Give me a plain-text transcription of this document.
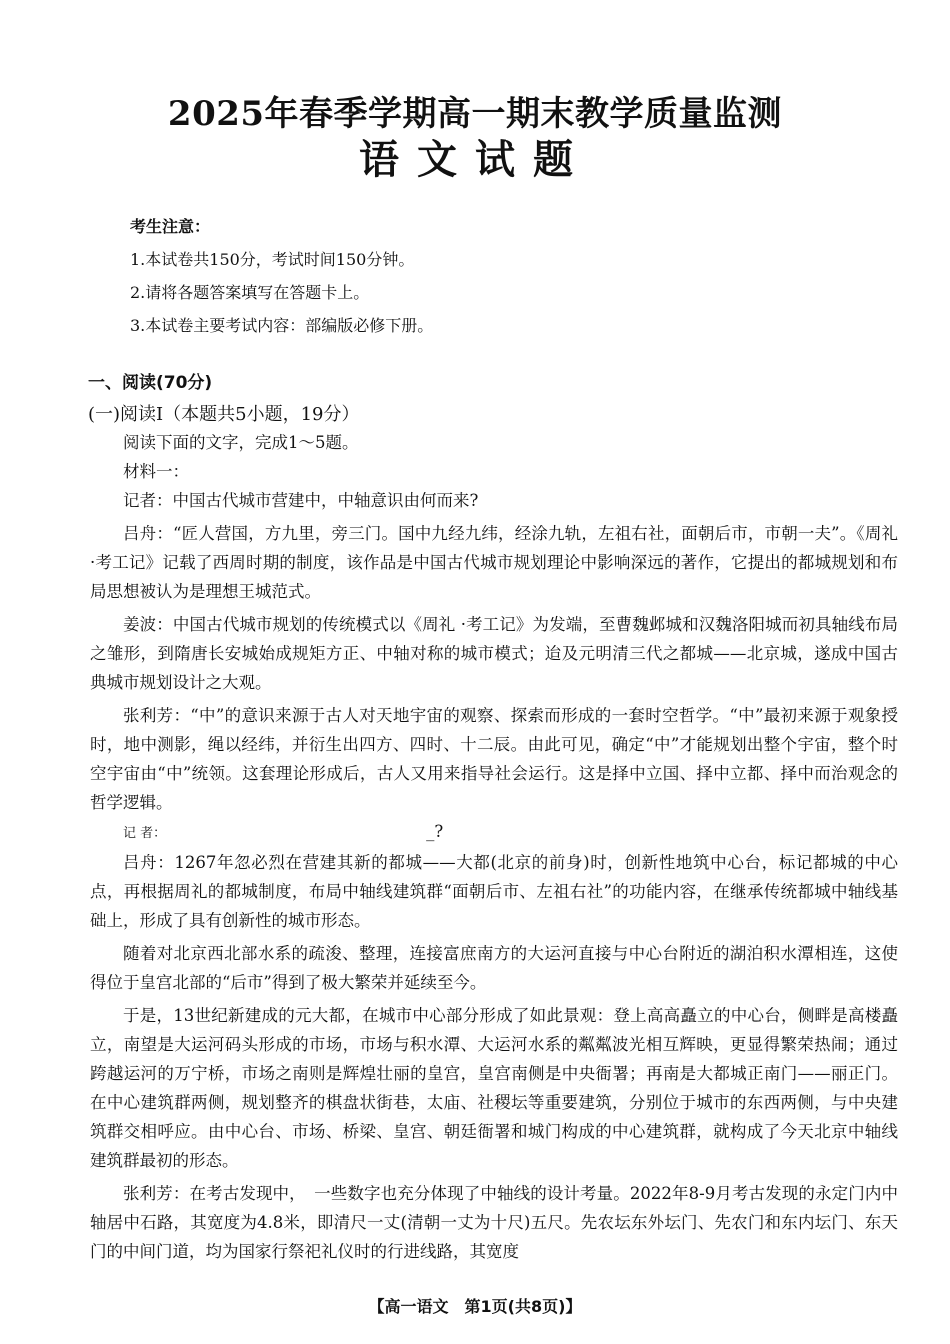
2025年春季学期高一期末教学质量监测
语文试题
考生注意：
1.本试卷共150分，考试时间150分钟。
2.请将各题答案填写在答题卡上。
3.本试卷主要考试内容：部编版必修下册。
一、阅读(70分)
(一)阅读I（本题共5小题，19分）

阅读下面的文字，完成1～5题。

材料一：

记者：中国古代城市营建中，中轴意识由何而来?

吕舟：“匠人营国，方九里，旁三门。国中九经九纬，经涂九轨，左祖右社，面朝后市，市朝一夫”。《周礼 ·考工记》记载了西周时期的制度，该作品是中国古代城市规划理论中影响深远的著作，它提出的都城规划和布局思想被认为是理想王城范式。

姜波：中国古代城市规划的传统模式以《周礼 ·考工记》为发端，至曹魏邺城和汉魏洛阳城而初具轴线布局之雏形，到隋唐长安城始成规矩方正、中轴对称的城市模式；迨及元明清三代之都城——北京城，遂成中国古典城市规划设计之大观。

张利芳：“中”的意识来源于古人对天地宇宙的观察、探索而形成的一套时空哲学。“中”最初来源于观象授时，地中测影，绳以经纬，并衍生出四方、四时、十二辰。由此可见，确定“中”才能规划出整个宇宙，整个时空宇宙由“中”统领。这套理论形成后，古人又用来指导社会运行。这是择中立国、择中立都、择中而治观念的哲学逻辑。

记 者：	_?

吕舟：1267年忽必烈在营建其新的都城——大都(北京的前身)时，创新性地筑中心台，标记都城的中心点，再根据周礼的都城制度，布局中轴线建筑群“面朝后市、左祖右社”的功能内容，在继承传统都城中轴线基础上，形成了具有创新性的城市形态。

随着对北京西北部水系的疏浚、整理，连接富庶南方的大运河直接与中心台附近的湖泊积水潭相连，这使得位于皇宫北部的“后市”得到了极大繁荣并延续至今。

于是，13世纪新建成的元大都，在城市中心部分形成了如此景观：登上高高矗立的中心台，侧畔是高楼矗立，南望是大运河码头形成的市场，市场与积水潭、大运河水系的粼粼波光相互辉映，更显得繁荣热闹；通过跨越运河的万宁桥，市场之南则是辉煌壮丽的皇宫，皇宫南侧是中央衙署；再南是大都城正南门——丽正门。在中心建筑群两侧，规划整齐的棋盘状街巷，太庙、社稷坛等重要建筑，分别位于城市的东西两侧，与中央建筑群交相呼应。由中心台、市场、桥梁、皇宫、朝廷衙署和城门构成的中心建筑群，就构成了今天北京中轴线建筑群最初的形态。

张利芳：在考古发现中，　一些数字也充分体现了中轴线的设计考量。2022年8-9月考古发现的永定门内中轴居中石路，其宽度为4.8米，即清尺一丈(清朝一丈为十尺)五尺。先农坛东外坛门、先农门和东内坛门、东天门的中间门道，均为国家行祭祀礼仪时的行进线路，其宽度

【高一语文　第1页(共8页)】
